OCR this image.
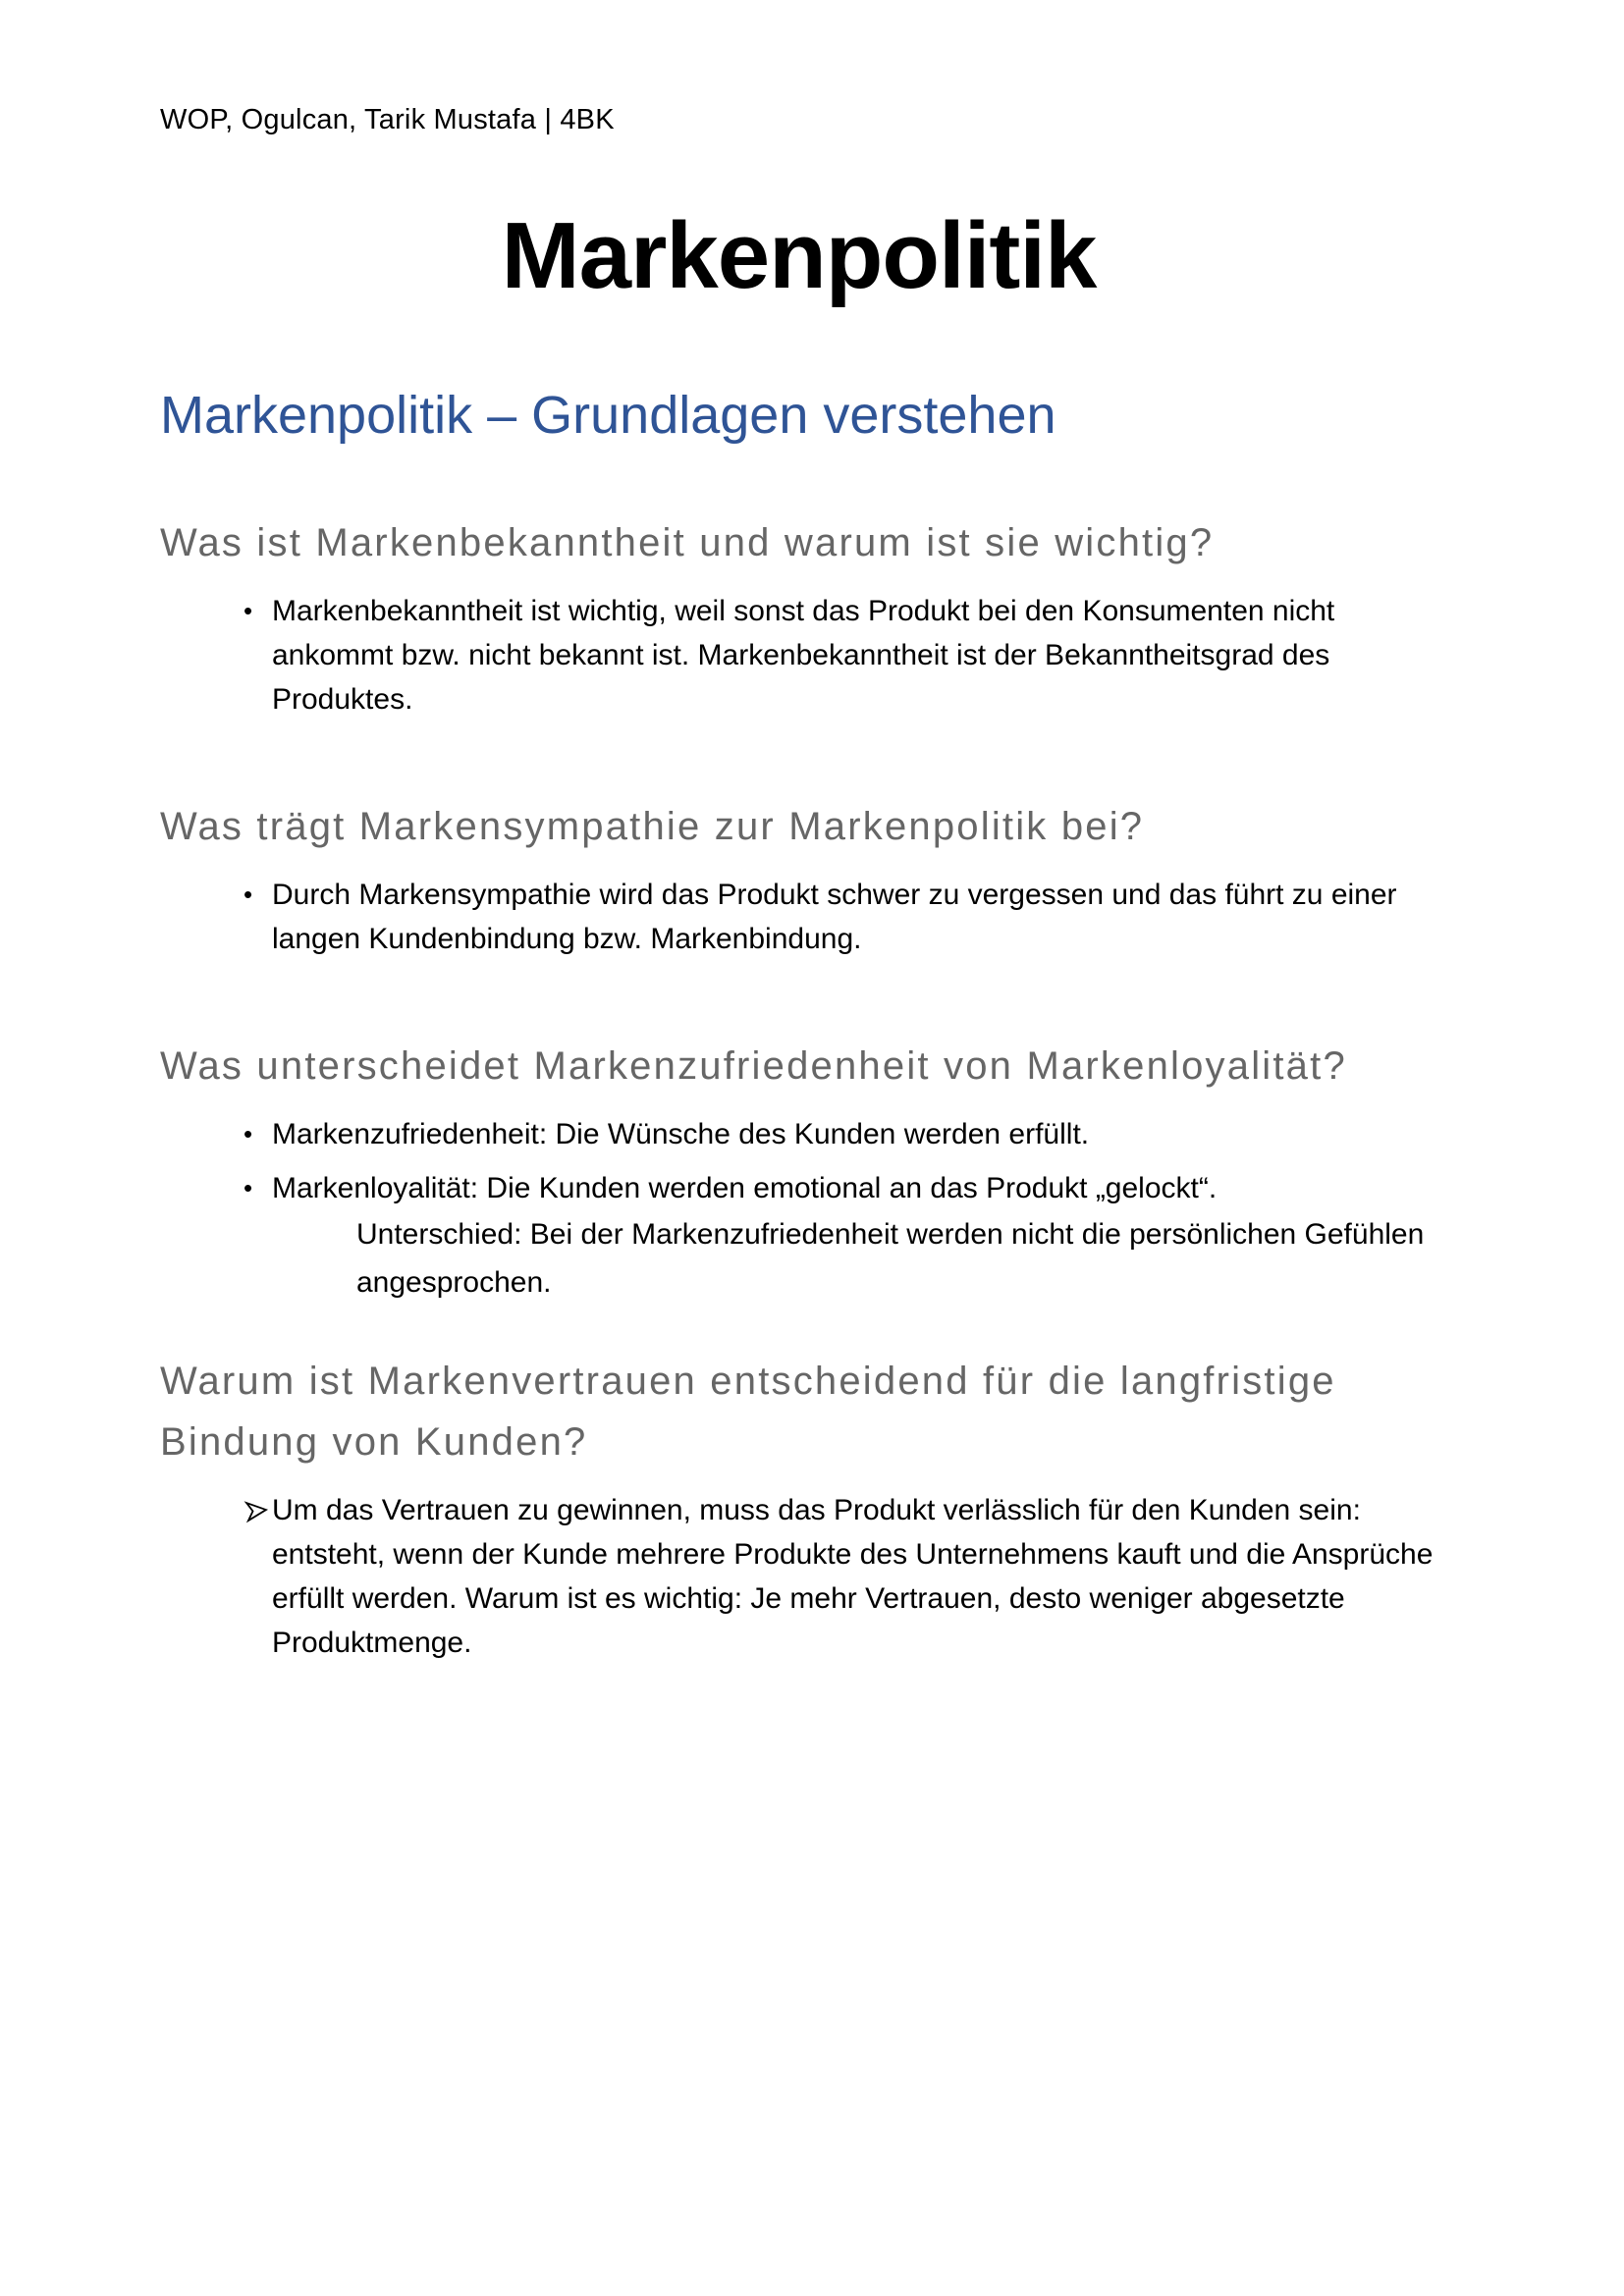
WOP, Ogulcan, Tarik Mustafa | 4BK
Markenpolitik
Markenpolitik – Grundlagen verstehen
Was ist Markenbekanntheit und warum ist sie wichtig?
• Markenbekanntheit ist wichtig, weil sonst das Produkt bei den Konsumenten nicht ankommt bzw. nicht bekannt ist. Markenbekanntheit ist der Bekanntheitsgrad des Produktes.
Was trägt Markensympathie zur Markenpolitik bei?
• Durch Markensympathie wird das Produkt schwer zu vergessen und das führt zu einer langen Kundenbindung bzw. Markenbindung.
Was unterscheidet Markenzufriedenheit von Markenloyalität?
• Markenzufriedenheit: Die Wünsche des Kunden werden erfüllt.
• Markenloyalität: Die Kunden werden emotional an das Produkt „gelockt“.
Unterschied: Bei der Markenzufriedenheit werden nicht die persönlichen Gefühlen angesprochen.
Warum ist Markenvertrauen entscheidend für die langfristige Bindung von Kunden?
Um das Vertrauen zu gewinnen, muss das Produkt verlässlich für den Kunden sein: entsteht, wenn der Kunde mehrere Produkte des Unternehmens kauft und die Ansprüche erfüllt werden. Warum ist es wichtig: Je mehr Vertrauen, desto weniger abgesetzte Produktmenge.
